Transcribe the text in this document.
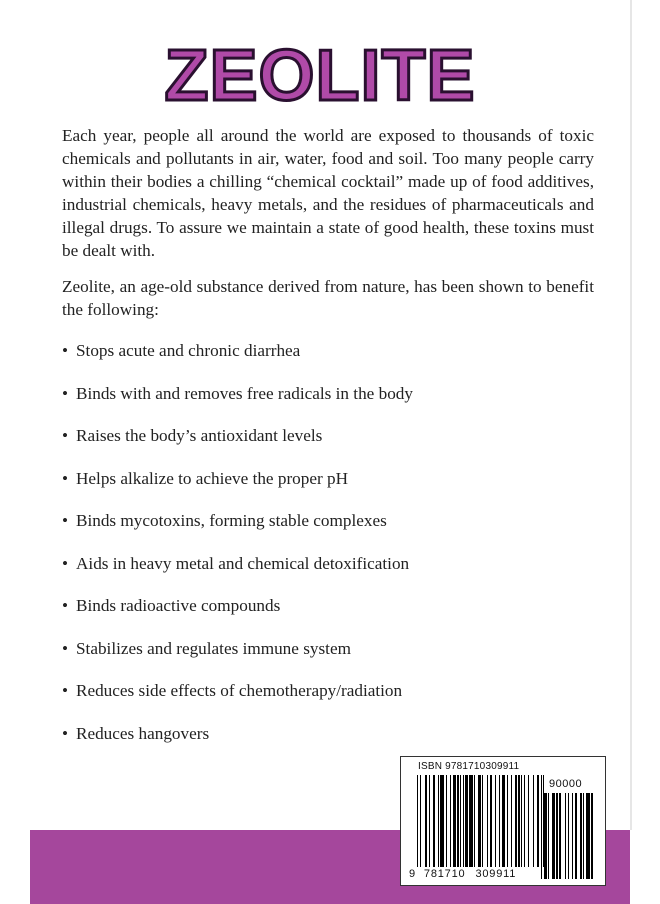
ZEOLITE

Each year, people all around the world are exposed to thousands of toxic chemicals and pollutants in air, water, food and soil. Too many people carry within their bodies a chilling “chemical cocktail” made up of food additives, industrial chemicals, heavy metals, and the residues of pharmaceuticals and illegal drugs. To assure we maintain a state of good health, these toxins must be dealt with.

Zeolite, an age-old substance derived from nature, has been shown to benefit the following:

• Stops acute and chronic diarrhea
• Binds with and removes free radicals in the body
• Raises the body’s antioxidant levels
• Helps alkalize to achieve the proper pH
• Binds mycotoxins, forming stable complexes
• Aids in heavy metal and chemical detoxification
• Binds radioactive compounds
• Stabilizes and regulates immune system
• Reduces side effects of chemotherapy/radiation
• Reduces hangovers
ISBN 9781710309911
90000
9 781710 309911
